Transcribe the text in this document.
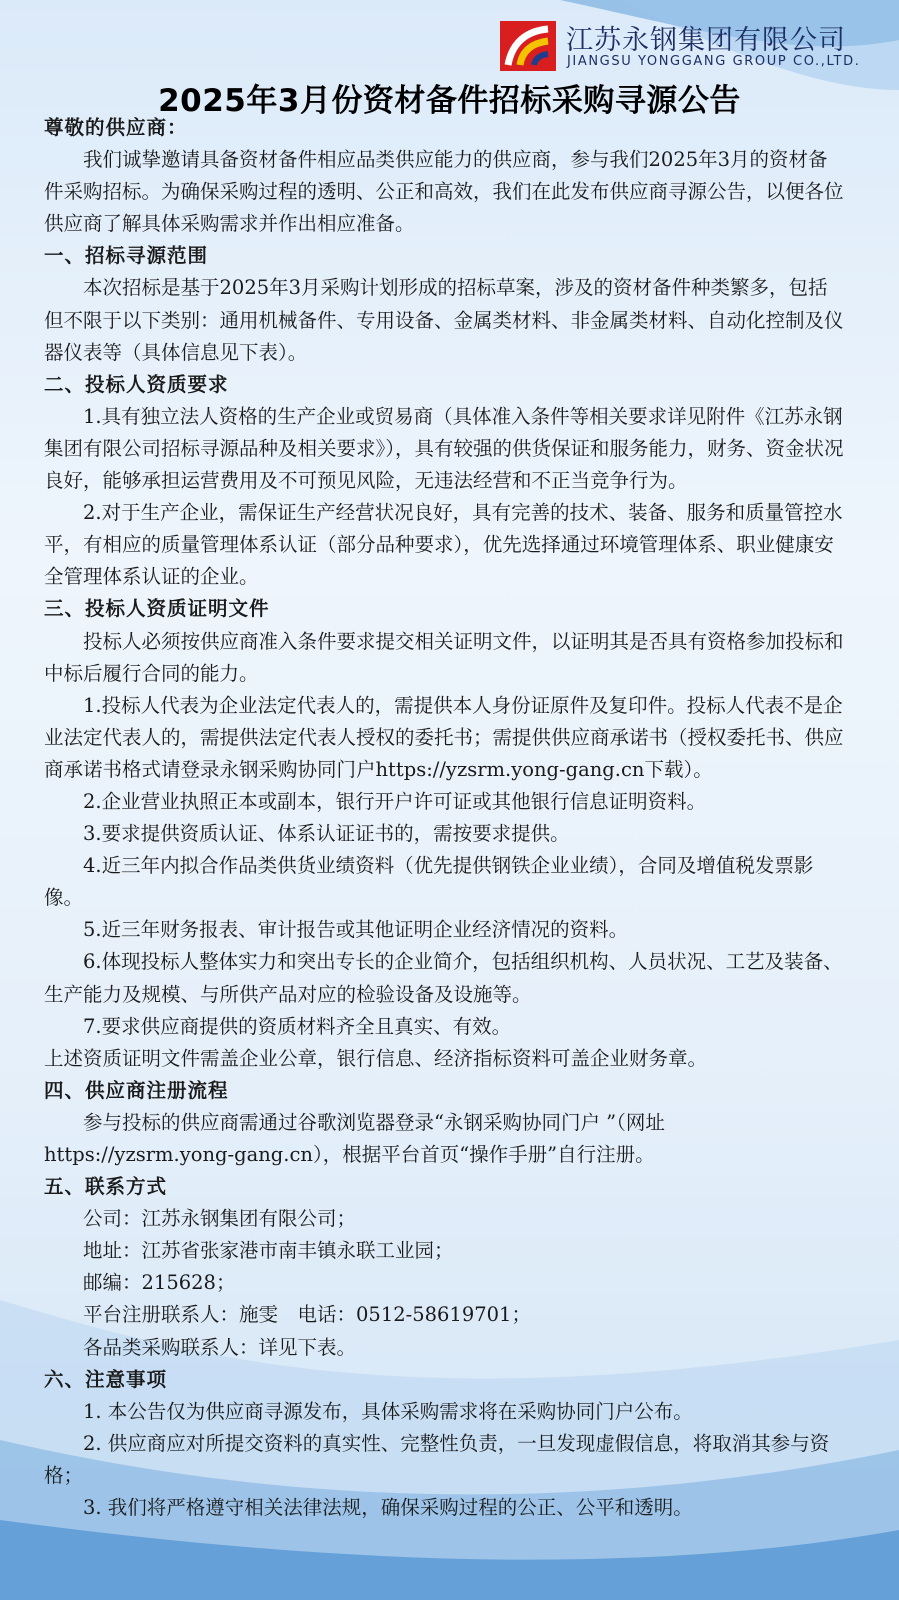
江苏永钢集团有限公司
JIANGSU YONGGANG GROUP CO.,LTD.
2025年3月份资材备件招标采购寻源公告

尊敬的供应商：

我们诚挚邀请具备资材备件相应品类供应能力的供应商，参与我们2025年3月的资材备件采购招标。为确保采购过程的透明、公正和高效，我们在此发布供应商寻源公告，以便各位供应商了解具体采购需求并作出相应准备。

一、招标寻源范围

本次招标是基于2025年3月采购计划形成的招标草案，涉及的资材备件种类繁多，包括但不限于以下类别：通用机械备件、专用设备、金属类材料、非金属类材料、自动化控制及仪器仪表等（具体信息见下表）。

二、投标人资质要求

1.具有独立法人资格的生产企业或贸易商（具体准入条件等相关要求详见附件《江苏永钢集团有限公司招标寻源品种及相关要求》），具有较强的供货保证和服务能力，财务、资金状况良好，能够承担运营费用及不可预见风险，无违法经营和不正当竞争行为。

2.对于生产企业，需保证生产经营状况良好，具有完善的技术、装备、服务和质量管控水平，有相应的质量管理体系认证（部分品种要求），优先选择通过环境管理体系、职业健康安全管理体系认证的企业。

三、投标人资质证明文件

投标人必须按供应商准入条件要求提交相关证明文件，以证明其是否具有资格参加投标和中标后履行合同的能力。

1.投标人代表为企业法定代表人的，需提供本人身份证原件及复印件。投标人代表不是企业法定代表人的，需提供法定代表人授权的委托书；需提供供应商承诺书（授权委托书、供应商承诺书格式请登录永钢采购协同门户https://yzsrm.yong-gang.cn下载）。

2.企业营业执照正本或副本，银行开户许可证或其他银行信息证明资料。

3.要求提供资质认证、体系认证证书的，需按要求提供。

4.近三年内拟合作品类供货业绩资料（优先提供钢铁企业业绩），合同及增值税发票影像。

5.近三年财务报表、审计报告或其他证明企业经济情况的资料。

6.体现投标人整体实力和突出专长的企业简介，包括组织机构、人员状况、工艺及装备、生产能力及规模、与所供产品对应的检验设备及设施等。

7.要求供应商提供的资质材料齐全且真实、有效。

上述资质证明文件需盖企业公章，银行信息、经济指标资料可盖企业财务章。

四、供应商注册流程

参与投标的供应商需通过谷歌浏览器登录“永钢采购协同门户 ”（网址https://yzsrm.yong-gang.cn），根据平台首页“操作手册”自行注册。

五、联系方式

公司：江苏永钢集团有限公司；

地址：江苏省张家港市南丰镇永联工业园；

邮编：215628；

平台注册联系人：施雯　电话：0512-58619701；

各品类采购联系人：详见下表。

六、注意事项

1. 本公告仅为供应商寻源发布，具体采购需求将在采购协同门户公布。

2. 供应商应对所提交资料的真实性、完整性负责，一旦发现虚假信息，将取消其参与资格；

3. 我们将严格遵守相关法律法规，确保采购过程的公正、公平和透明。
